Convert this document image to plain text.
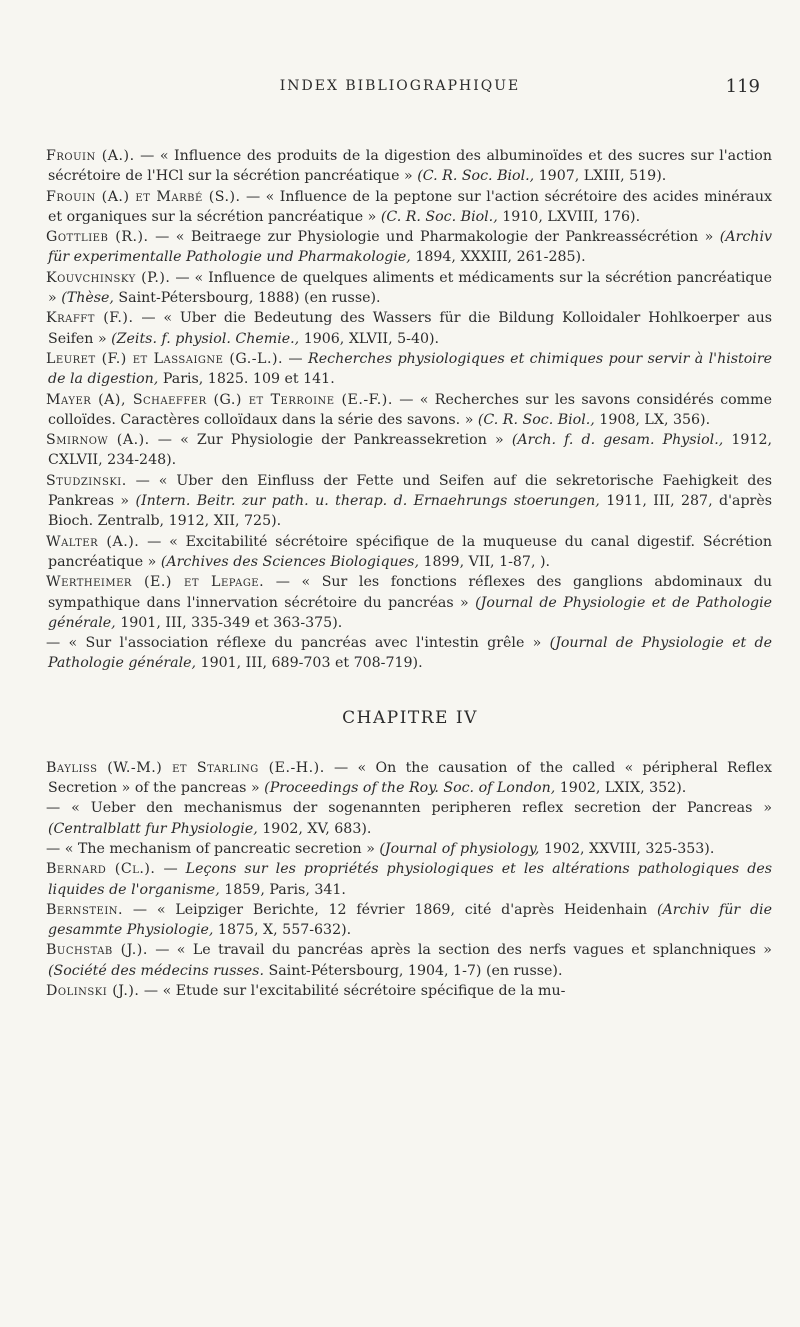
INDEX BIBLIOGRAPHIQUE	119

Frouin (A.). — « Influence des produits de la digestion des albuminoïdes et des sucres sur l'action sécrétoire de l'HCl sur la sécrétion pancréatique » (C. R. Soc. Biol., 1907, LXIII, 519).

Frouin (A.) et Marbé (S.). — « Influence de la peptone sur l'action sécrétoire des acides minéraux et organiques sur la sécrétion pancréatique » (C. R. Soc. Biol., 1910, LXVIII, 176).

Gottlieb (R.). — « Beitraege zur Physiologie und Pharmakologie der Pankreassécrétion » (Archiv für experimentalle Pathologie und Pharmakologie, 1894, XXXIII, 261-285).

Kouvchinsky (P.). — « Influence de quelques aliments et médicaments sur la sécrétion pancréatique » (Thèse, Saint-Pétersbourg, 1888) (en russe).

Krafft (F.). — « Uber die Bedeutung des Wassers für die Bildung Kolloidaler Hohlkoerper aus Seifen » (Zeits. f. physiol. Chemie., 1906, XLVII, 5-40).

Leuret (F.) et Lassaigne (G.-L.). — Recherches physiologiques et chimiques pour servir à l'histoire de la digestion, Paris, 1825. 109 et 141.

Mayer (A), Schaeffer (G.) et Terroine (E.-F.). — « Recherches sur les savons considérés comme colloïdes. Caractères colloïdaux dans la série des savons. » (C. R. Soc. Biol., 1908, LX, 356).

Smirnow (A.). — « Zur Physiologie der Pankreassekretion » (Arch. f. d. gesam. Physiol., 1912, CXLVII, 234-248).

Studzinski. — « Uber den Einfluss der Fette und Seifen auf die sekretorische Faehigkeit des Pankreas » (Intern. Beitr. zur path. u. therap. d. Ernaehrungs stoerungen, 1911, III, 287, d'après Bioch. Zentralb, 1912, XII, 725).

Walter (A.). — « Excitabilité sécrétoire spécifique de la muqueuse du canal digestif. Sécrétion pancréatique » (Archives des Sciences Biologiques, 1899, VII, 1-87, ).

Wertheimer (E.) et Lepage. — « Sur les fonctions réflexes des ganglions abdominaux du sympathique dans l'innervation sécrétoire du pancréas » (Journal de Physiologie et de Pathologie générale, 1901, III, 335-349 et 363-375).

— « Sur l'association réflexe du pancréas avec l'intestin grêle » (Journal de Physiologie et de Pathologie générale, 1901, III, 689-703 et 708-719).

CHAPITRE IV

Bayliss (W.-M.) et Starling (E.-H.). — « On the causation of the called « péripheral Reflex Secretion » of the pancreas » (Proceedings of the Roy. Soc. of London, 1902, LXIX, 352).

— « Ueber den mechanismus der sogenannten peripheren reflex secretion der Pancreas » (Centralblatt fur Physiologie, 1902, XV, 683).

— « The mechanism of pancreatic secretion » (Journal of physiology, 1902, XXVIII, 325-353).

Bernard (Cl.). — Leçons sur les propriétés physiologiques et les altérations pathologiques des liquides de l'organisme, 1859, Paris, 341.

Bernstein. — « Leipziger Berichte, 12 février 1869, cité d'après Heidenhain (Archiv für die gesammte Physiologie, 1875, X, 557-632).

Buchstab (J.). — « Le travail du pancréas après la section des nerfs vagues et splanchniques » (Société des médecins russes. Saint-Pétersbourg, 1904, 1-7) (en russe).

Dolinski (J.). — « Etude sur l'excitabilité sécrétoire spécifique de la mu-
